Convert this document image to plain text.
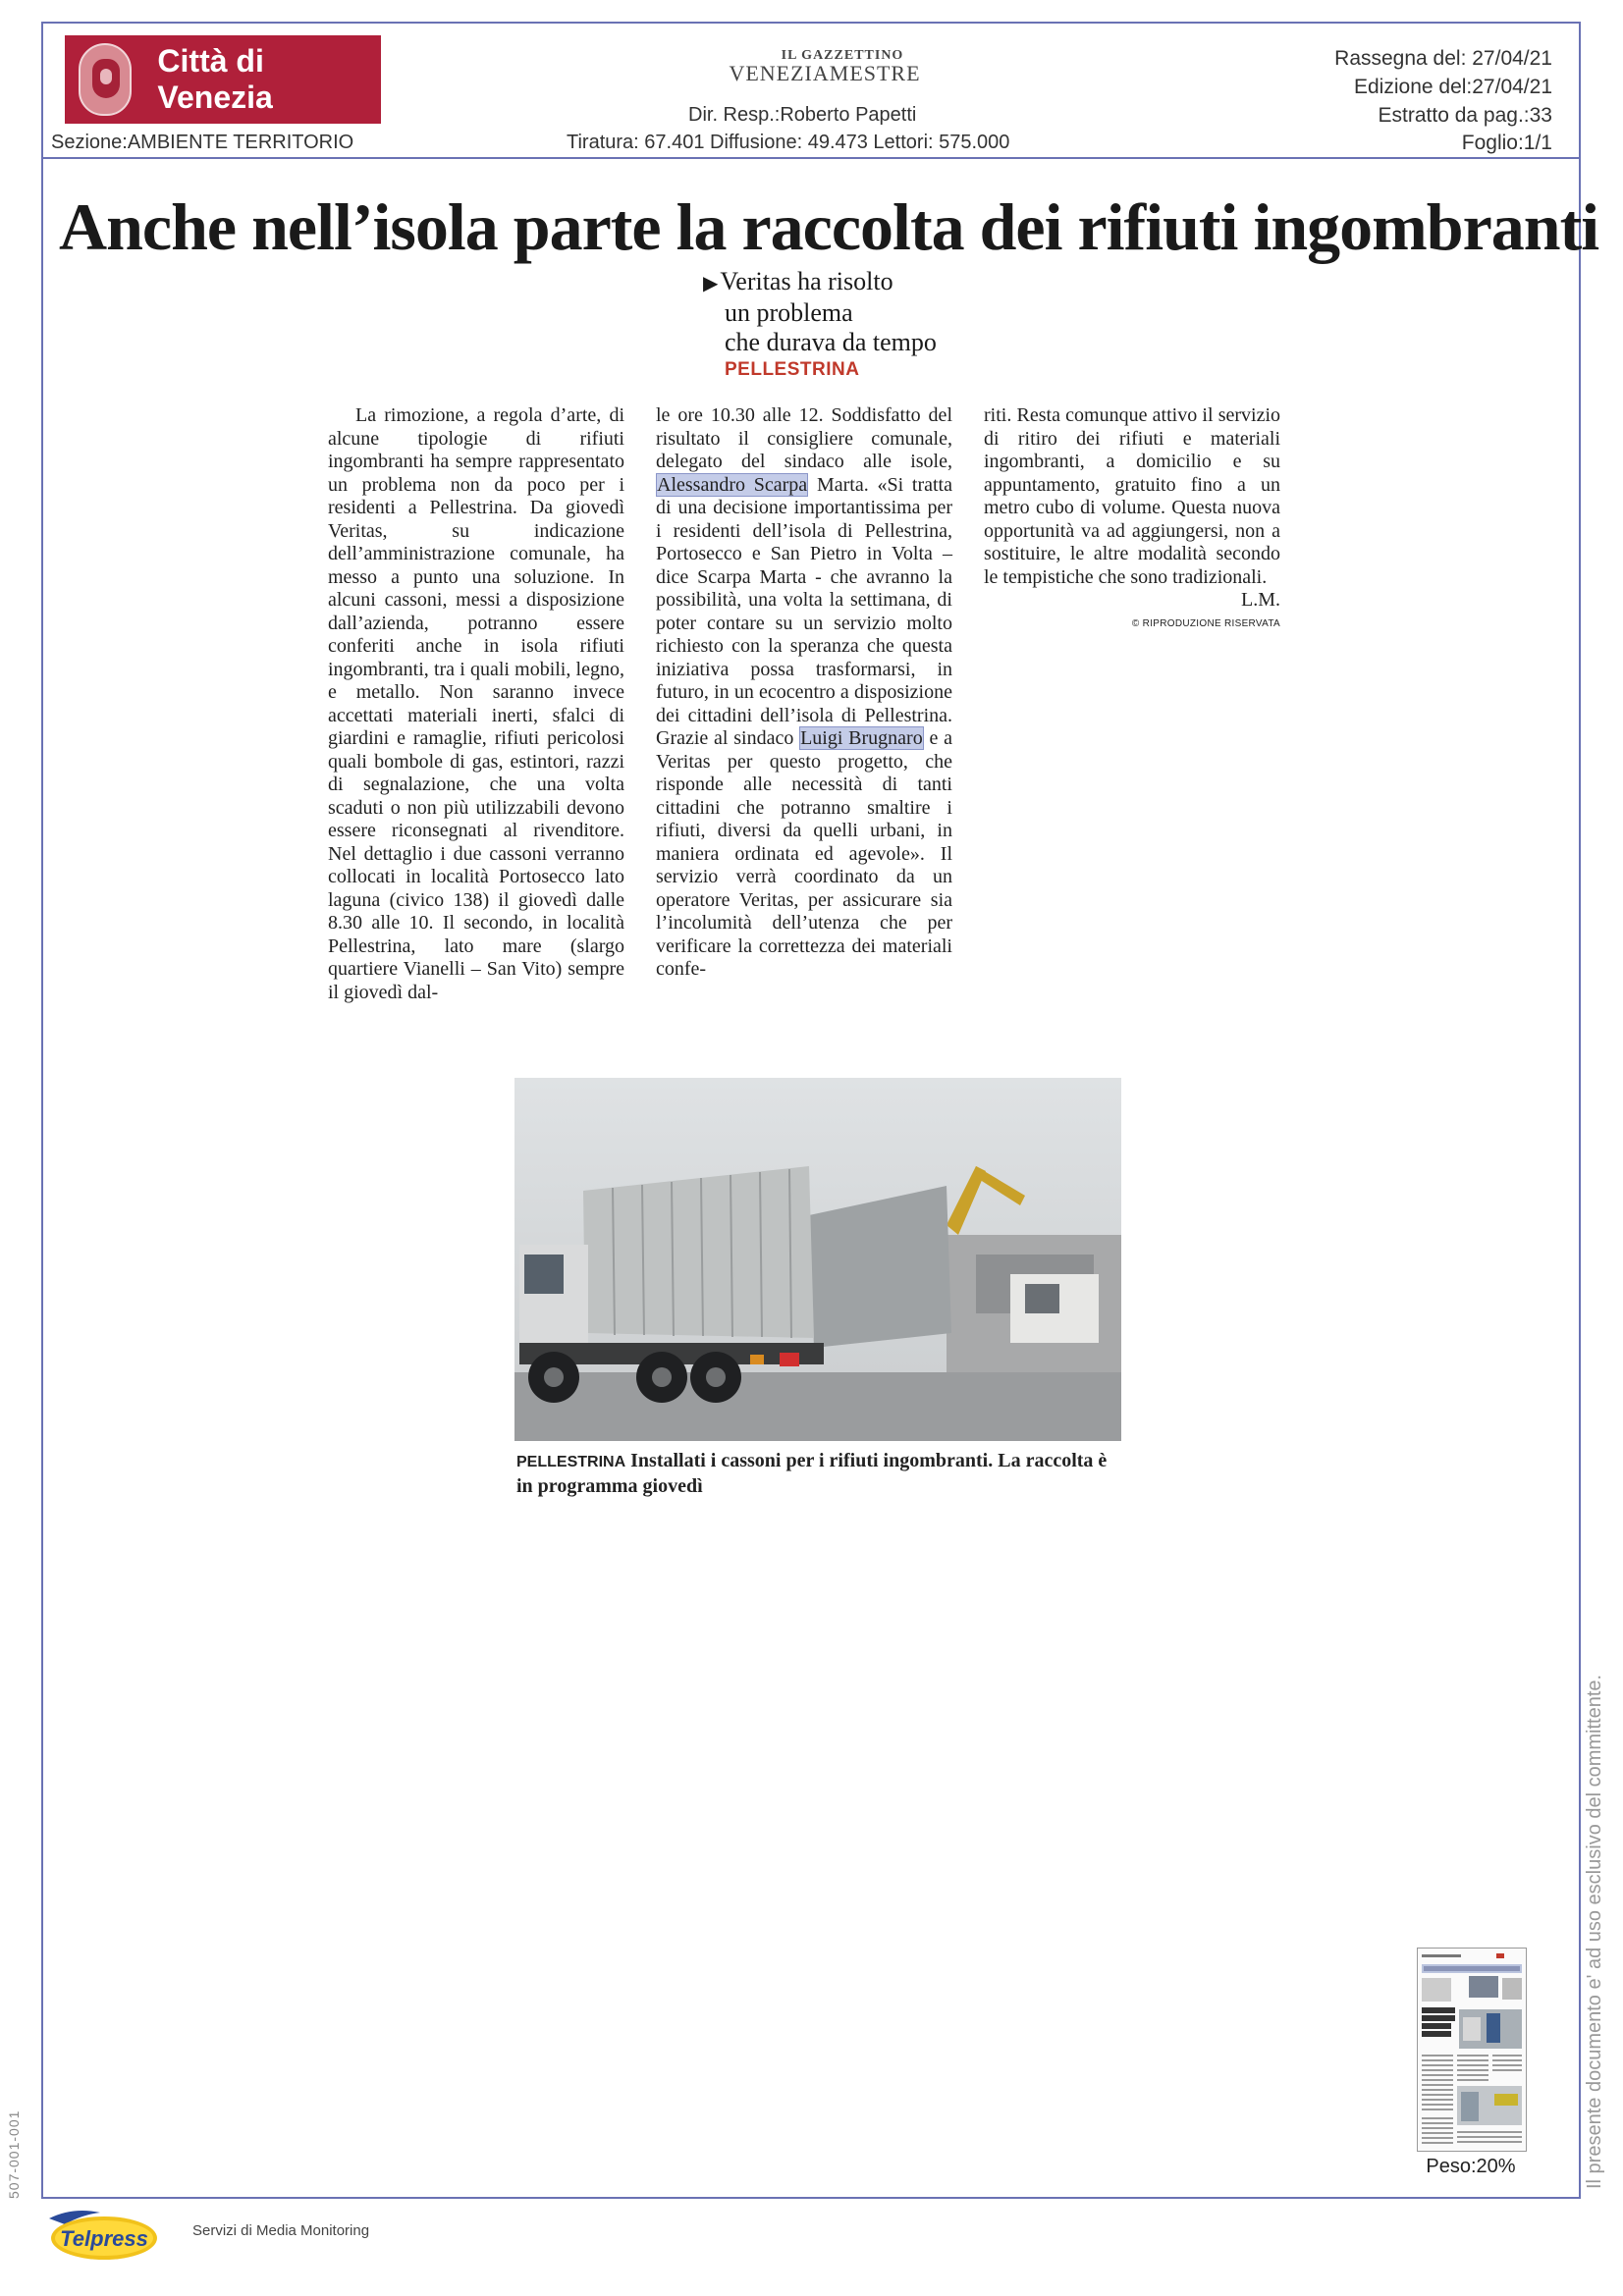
Città di Venezia
Sezione:AMBIENTE TERRITORIO
IL GAZZETTINO
VENEZIAMESTRE
Dir. Resp.:Roberto Papetti
Tiratura: 67.401 Diffusione: 49.473 Lettori: 575.000
Rassegna del: 27/04/21
Edizione del:27/04/21
Estratto da pag.:33
Foglio:1/1
Anche nell’isola parte la raccolta dei rifiuti ingombranti
▶Veritas ha risolto
un problema
che durava da tempo
PELLESTRINA

La rimozione, a regola d’arte, di alcune tipologie di rifiuti ingombranti ha sempre rappresentato un problema non da poco per i residenti a Pellestrina. Da giovedì Veritas, su indicazione dell’amministrazione comunale, ha messo a punto una soluzione. In alcuni cassoni, messi a disposizione dall’azienda, potranno essere conferiti anche in isola rifiuti ingombranti, tra i quali mobili, legno, e metallo. Non saranno invece accettati materiali inerti, sfalci di giardini e ramaglie, rifiuti pericolosi quali bombole di gas, estintori, razzi di segnalazione, che una volta scaduti o non più utilizzabili devono essere riconsegnati al rivenditore. Nel dettaglio i due cassoni verranno collocati in località Portosecco lato laguna (civico 138) il giovedì dalle 8.30 alle 10. Il secondo, in località Pellestrina, lato mare (slargo quartiere Vianelli – San Vito) sempre il giovedì dal-

le ore 10.30 alle 12. Soddisfatto del risultato il consigliere comunale, delegato del sindaco alle isole, Alessandro Scarpa Marta. «Si tratta di una decisione importantissima per i residenti dell’isola di Pellestrina, Portosecco e San Pietro in Volta – dice Scarpa Marta - che avranno la possibilità, una volta la settimana, di poter contare su un servizio molto richiesto con la speranza che questa iniziativa possa trasformarsi, in futuro, in un ecocentro a disposizione dei cittadini dell’isola di Pellestrina. Grazie al sindaco Luigi Brugnaro e a Veritas per questo progetto, che risponde alle necessità di tanti cittadini che potranno smaltire i rifiuti, diversi da quelli urbani, in maniera ordinata ed agevole». Il servizio verrà coordinato da un operatore Veritas, per assicurare sia l’incolumità dell’utenza che per verificare la correttezza dei materiali confe-

riti. Resta comunque attivo il servizio di ritiro dei rifiuti e materiali ingombranti, a domicilio e su appuntamento, gratuito fino a un metro cubo di volume. Questa nuova opportunità va ad aggiungersi, non a sostituire, le altre modalità secondo le tempistiche che sono tradizionali.

L.M.

© RIPRODUZIONE RISERVATA

PELLESTRINA Installati i cassoni per i rifiuti ingombranti. La raccolta è in programma giovedì
Peso:20%	Il presente documento e' ad uso esclusivo del committente.
507-001-001
Telpress	Servizi di Media Monitoring
